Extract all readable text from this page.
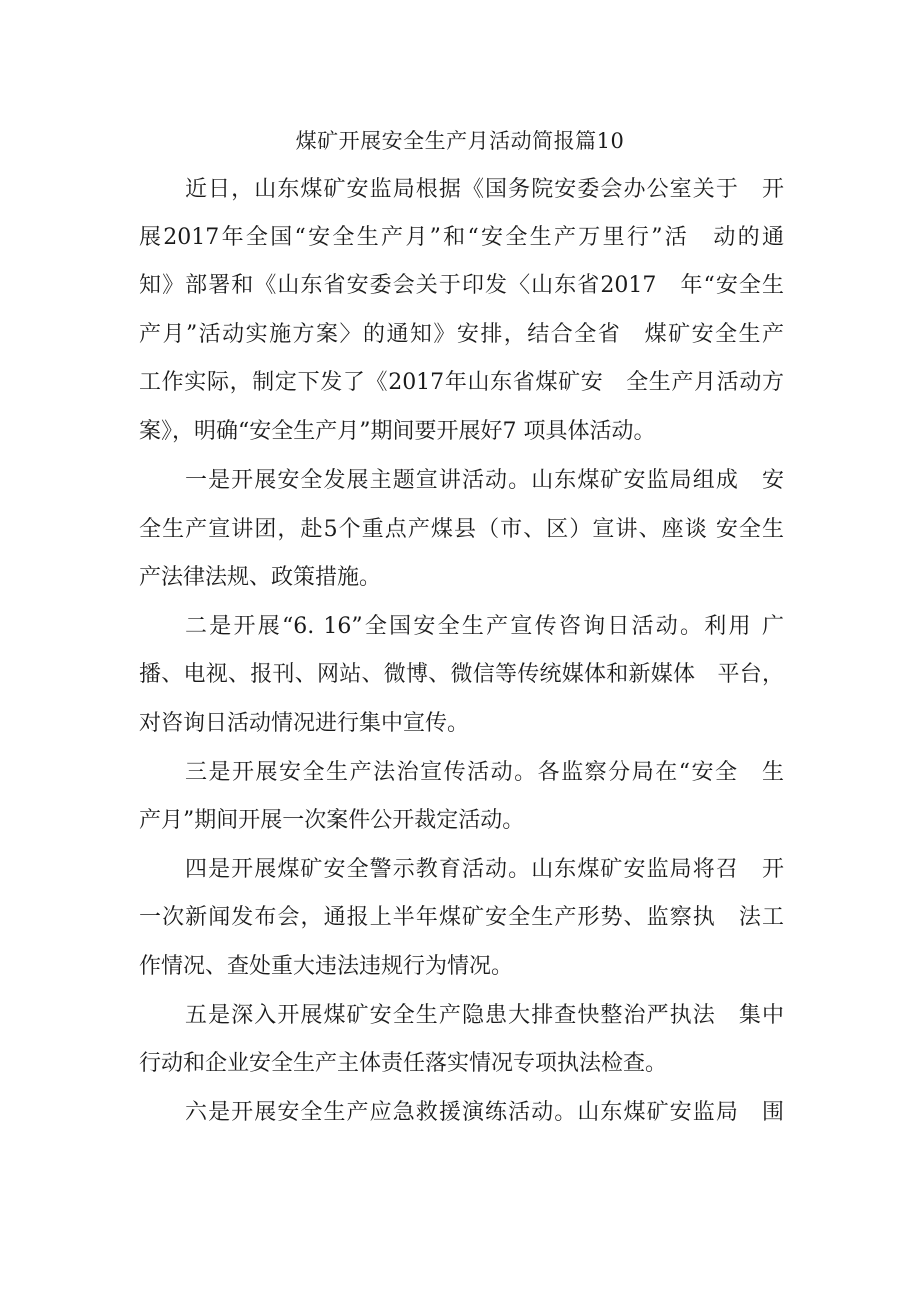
煤矿开展安全生产月活动简报篇10
近日，山东煤矿安监局根据《国务院安委会办公室关于　开
展2017年全国“安全生产月”和“安全生产万里行”活　动的通
知》部署和《山东省安委会关于印发〈山东省2017　年“安全生
产月”活动实施方案〉的通知》安排，结合全省　煤矿安全生产
工作实际，制定下发了《2017年山东省煤矿安　全生产月活动方
案》，明确“安全生产月”期间要开展好7 项具体活动。
一是开展安全发展主题宣讲活动。山东煤矿安监局组成　安
全生产宣讲团，赴5个重点产煤县（市、区）宣讲、座谈 安全生
产法律法规、政策措施。
二是开展“6. 16”全国安全生产宣传咨询日活动。利用 广
播、电视、报刊、网站、微博、微信等传统媒体和新媒体　平台，
对咨询日活动情况进行集中宣传。
三是开展安全生产法治宣传活动。各监察分局在“安全　生
产月”期间开展一次案件公开裁定活动。
四是开展煤矿安全警示教育活动。山东煤矿安监局将召　开
一次新闻发布会，通报上半年煤矿安全生产形势、监察执　法工
作情况、查处重大违法违规行为情况。
五是深入开展煤矿安全生产隐患大排查快整治严执法　集中
行动和企业安全生产主体责任落实情况专项执法检查。
六是开展安全生产应急救援演练活动。山东煤矿安监局　围
